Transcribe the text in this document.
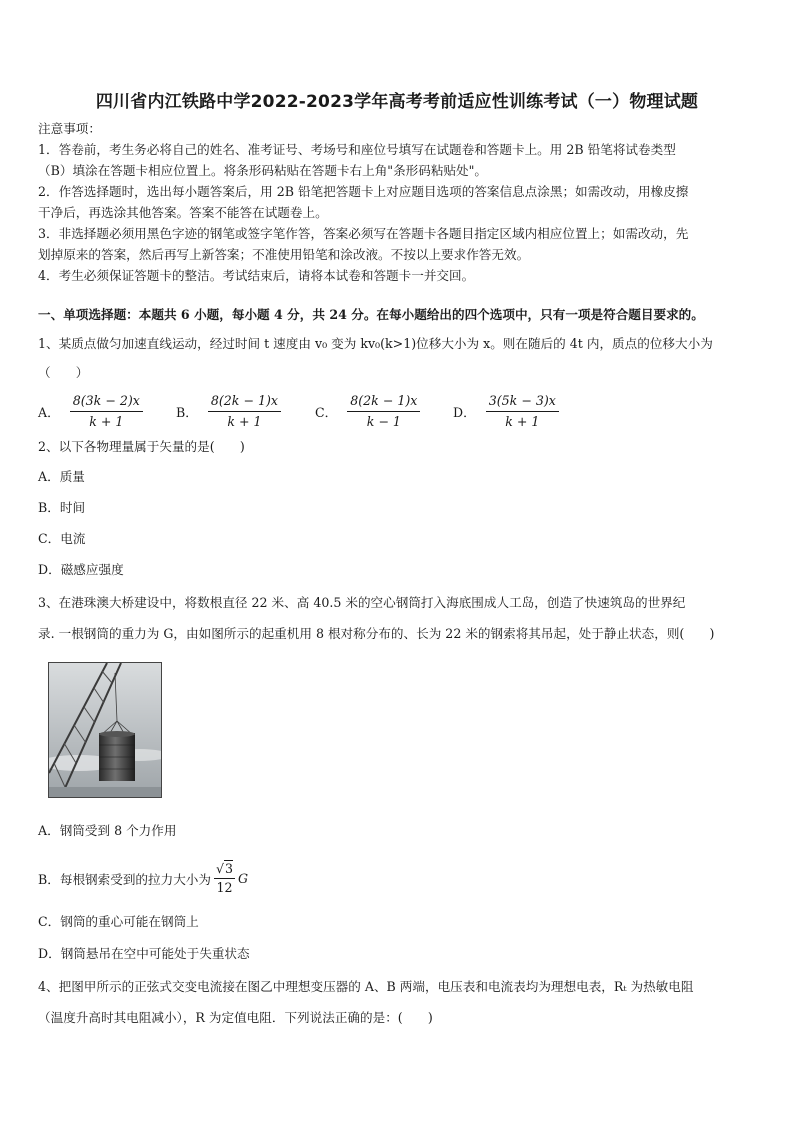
四川省内江铁路中学2022-2023学年高考考前适应性训练考试（一）物理试题
注意事项：
1．答卷前，考生务必将自己的姓名、准考证号、考场号和座位号填写在试题卷和答题卡上。用 2B 铅笔将试卷类型
（B）填涂在答题卡相应位置上。将条形码粘贴在答题卡右上角"条形码粘贴处"。
2．作答选择题时，选出每小题答案后，用 2B 铅笔把答题卡上对应题目选项的答案信息点涂黑；如需改动，用橡皮擦
干净后，再选涂其他答案。答案不能答在试题卷上。
3．非选择题必须用黑色字迹的钢笔或签字笔作答，答案必须写在答题卡各题目指定区域内相应位置上；如需改动，先
划掉原来的答案，然后再写上新答案；不准使用铅笔和涂改液。不按以上要求作答无效。
4．考生必须保证答题卡的整洁。考试结束后，请将本试卷和答题卡一并交回。
一、单项选择题：本题共 6 小题，每小题 4 分，共 24 分。在每小题给出的四个选项中，只有一项是符合题目要求的。
1、某质点做匀加速直线运动，经过时间 t 速度由 v₀ 变为 kv₀(k>1)位移大小为 x。则在随后的 4t 内，质点的位移大小为
（　　）
A． $\frac{8(3k - 2)x}{k + 1}$	B． $\frac{8(2k - 1)x}{k + 1}$	C． $\frac{8(2k - 1)x}{k - 1}$	D． $\frac{3(5k - 3)x}{k + 1}$
2、以下各物理量属于矢量的是(　　)
A．质量
B．时间
C．电流
D．磁感应强度
3、在港珠澳大桥建设中，将数根直径 22 米、高 40.5 米的空心钢筒打入海底围成人工岛，创造了快速筑岛的世界纪
录. 一根钢筒的重力为 G，由如图所示的起重机用 8 根对称分布的、长为 22 米的钢索将其吊起，处于静止状态，则(　　)
A．钢筒受到 8 个力作用
B．每根钢索受到的拉力大小为 $\frac{√3}{12}$ G
C．钢筒的重心可能在钢筒上
D．钢筒悬吊在空中可能处于失重状态
4、把图甲所示的正弦式交变电流接在图乙中理想变压器的 A、B 两端，电压表和电流表均为理想电表，Rₜ 为热敏电阻
（温度升高时其电阻减小），R 为定值电阻．下列说法正确的是：(　　)
